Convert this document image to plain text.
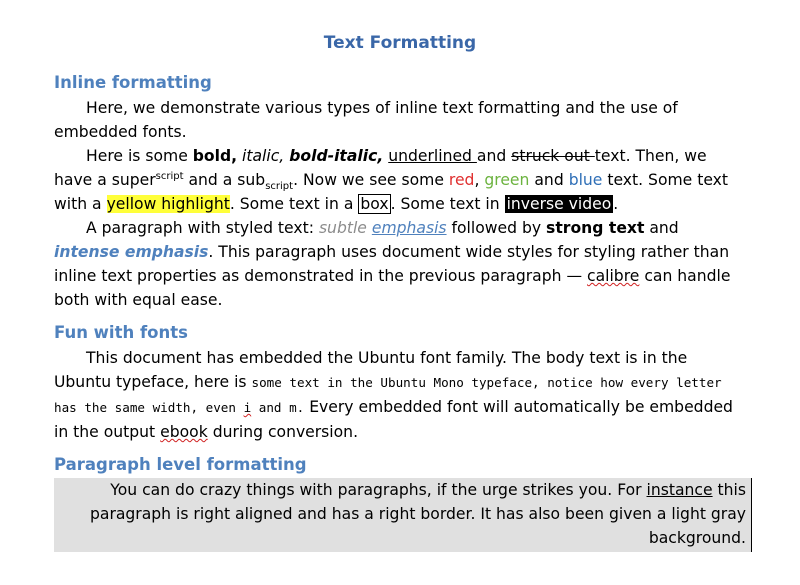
Text Formatting
Inline formatting

Here, we demonstrate various types of inline text formatting and the use of embedded fonts.

Here is some bold, italic, bold-italic, underlined and struck out text. Then, we have a super$^{script}$ and a sub$_{script}$. Now we see some red, green and blue text. Some text with a yellow highlight. Some text in a box . Some text in inverse video .

A paragraph with styled text: subtle emphasis followed by strong text and intense emphasis. This paragraph uses document wide styles for styling rather than inline text properties as demonstrated in the previous paragraph — calibre can handle both with equal ease.

Fun with fonts

This document has embedded the Ubuntu font family. The body text is in the Ubuntu typeface, here is some text in the Ubuntu Mono typeface, notice how every letter has the same width, even i and m. Every embedded font will automatically be embedded in the output ebook during conversion.

Paragraph level formatting

You can do crazy things with paragraphs, if the urge strikes you. For instance this paragraph is right aligned and has a right border. It has also been given a light gray background.
